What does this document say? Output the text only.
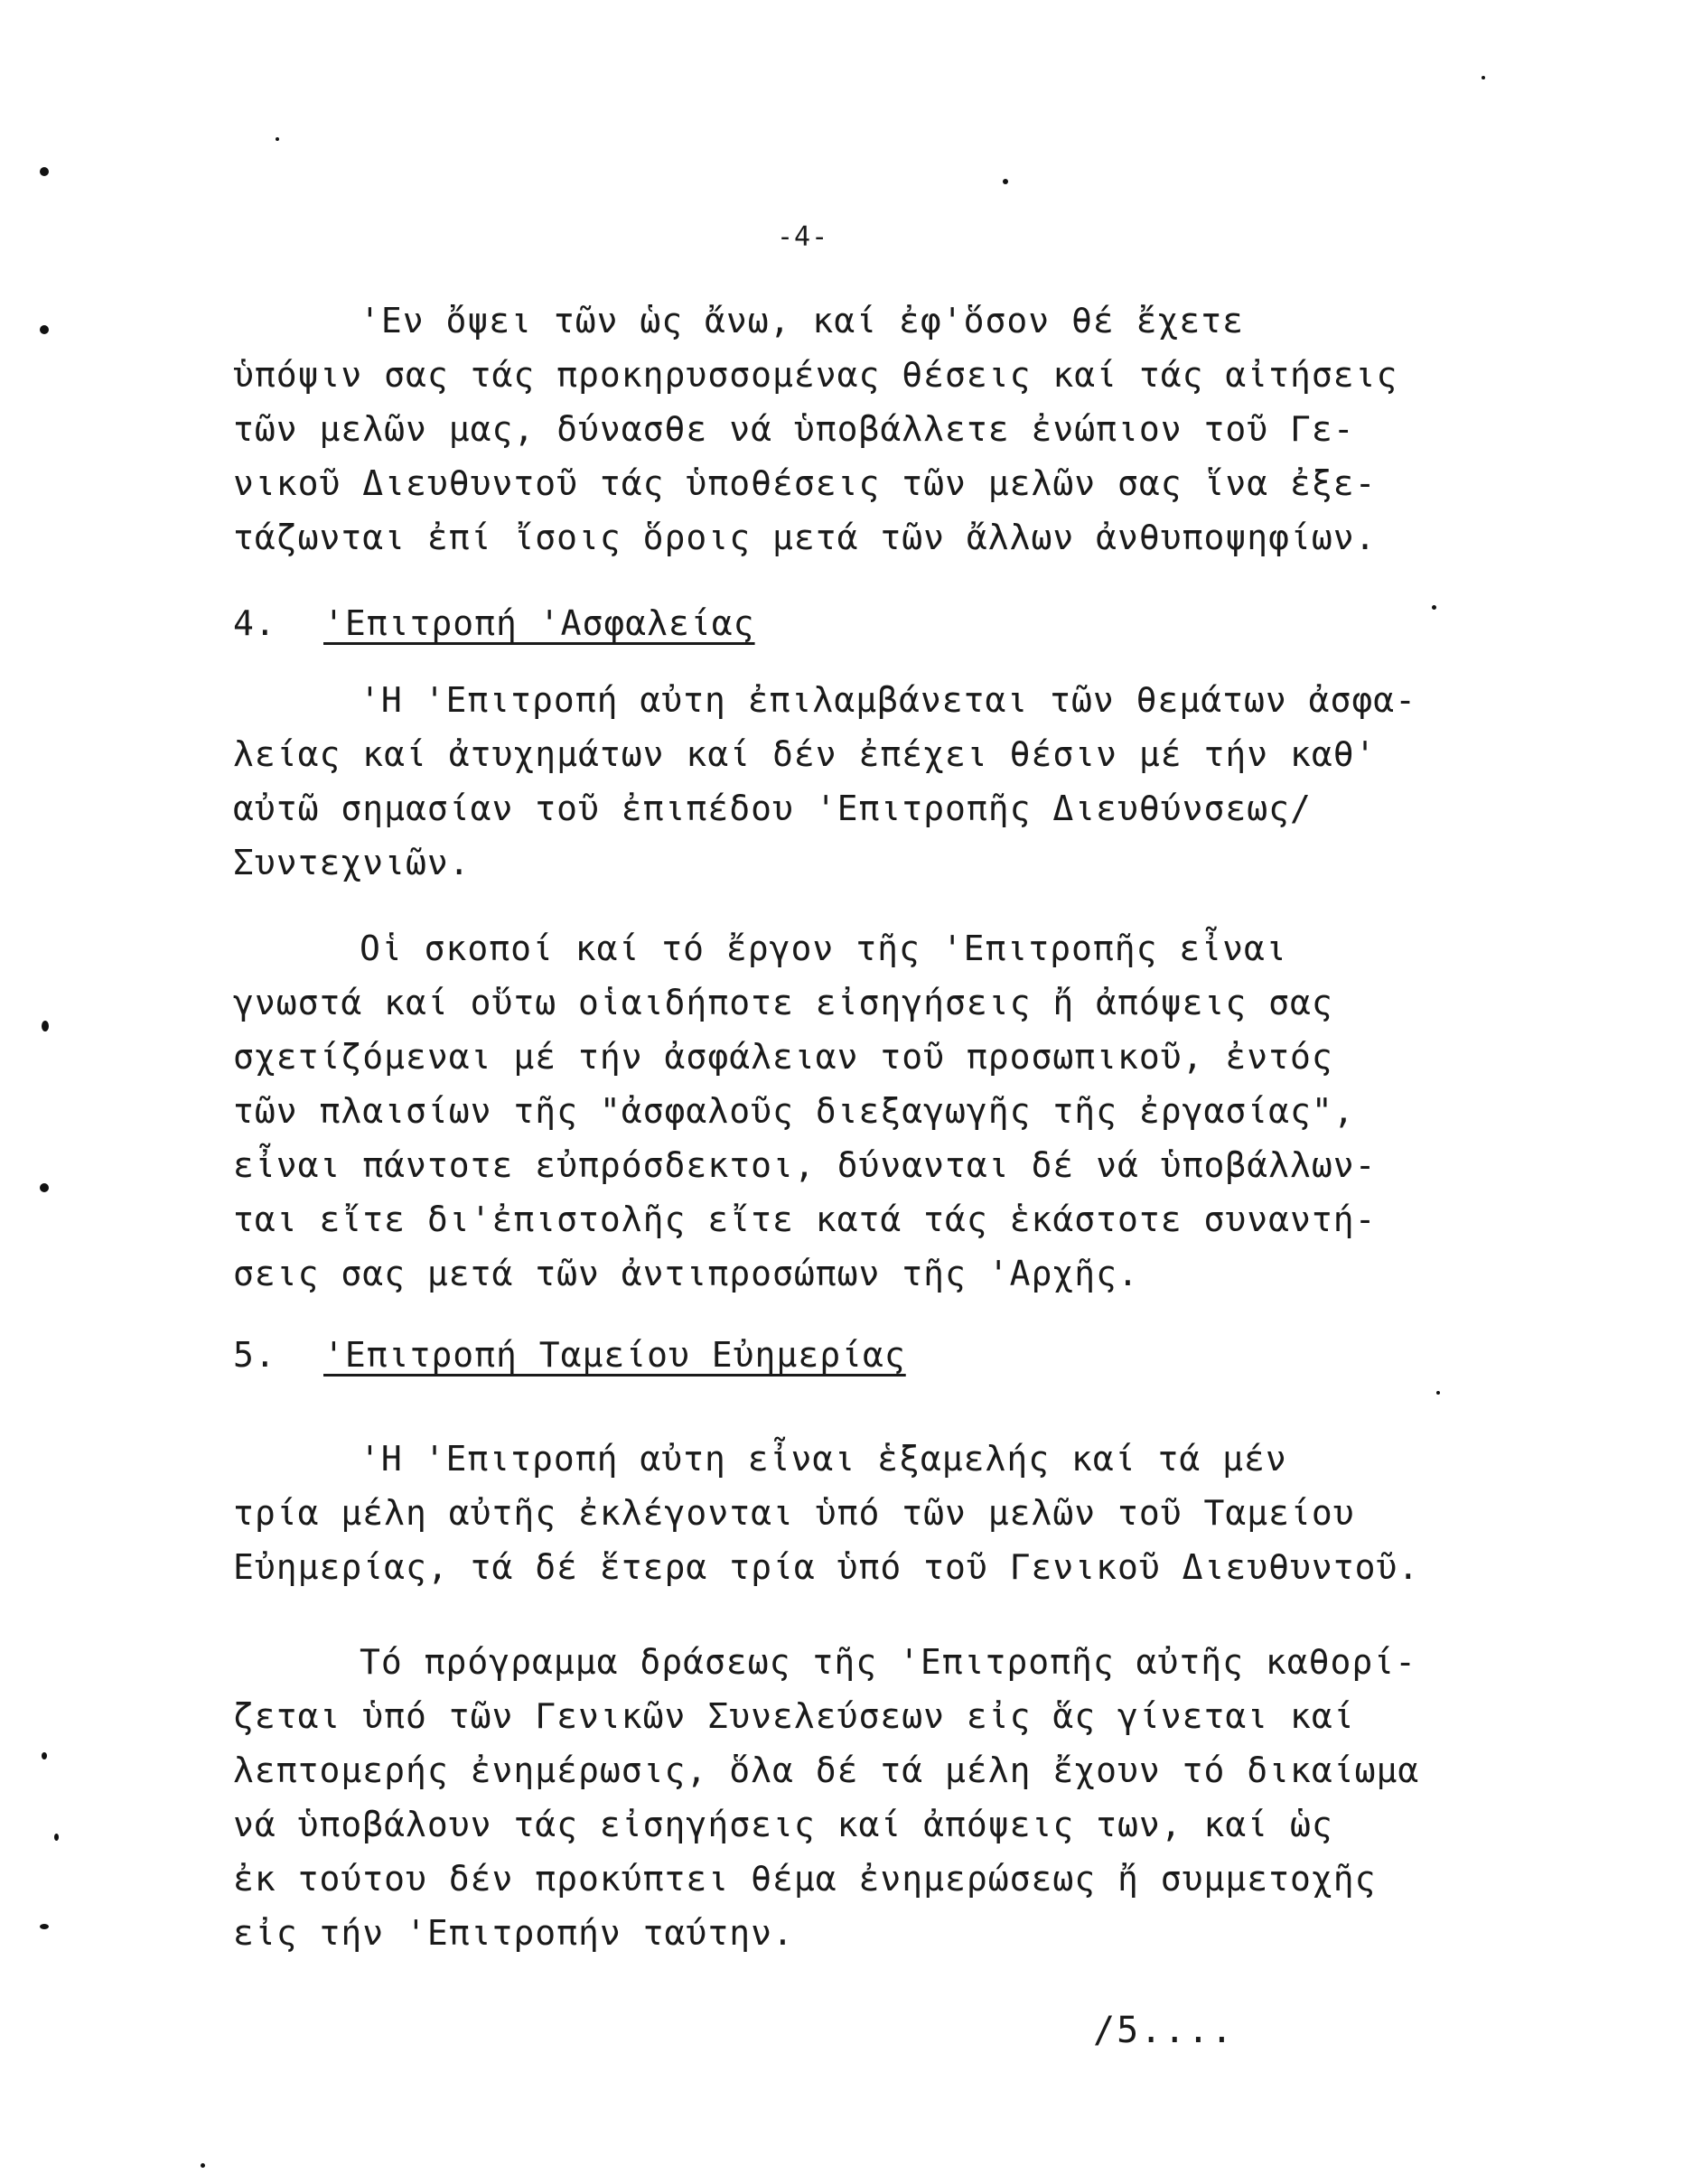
-4-
'Εν ὄψει τῶν ὡς ἄνω, καί ἐφ'ὅσον θέ ἔχετε
ὑπόψιν σας τάς προκηρυσσομένας θέσεις καί τάς αἰτήσεις
τῶν μελῶν μας, δύνασθε νά ὑποβάλλετε ἐνώπιον τοῦ Γε-
νικοῦ Διευθυντοῦ τάς ὑποθέσεις τῶν μελῶν σας ἵνα ἐξε-
τάζωνται ἐπί ἴσοις ὅροις μετά τῶν ἄλλων ἀνθυποψηφίων.
4. 'Επιτροπή 'Ασφαλείας
'Η 'Επιτροπή αὐτη ἐπιλαμβάνεται τῶν θεμάτων ἀσφα-
λείας καί ἀτυχημάτων καί δέν ἐπέχει θέσιν μέ τήν καθ'
αὐτῶ σημασίαν τοῦ ἐπιπέδου 'Επιτροπῆς Διευθύνσεως/
Συντεχνιῶν.
Οἱ σκοποί καί τό ἔργον τῆς 'Επιτροπῆς εἶναι
γνωστά καί οὕτω οἱαιδήποτε εἰσηγήσεις ἤ ἀπόψεις σας
σχετίζόμεναι μέ τήν ἀσφάλειαν τοῦ προσωπικοῦ, ἐντός
τῶν πλαισίων τῆς "ἀσφαλοῦς διεξαγωγῆς τῆς ἐργασίας",
εἶναι πάντοτε εὐπρόσδεκτοι, δύνανται δέ νά ὑποβάλλων-
ται εἴτε δι'ἐπιστολῆς εἴτε κατά τάς ἑκάστοτε συναντή-
σεις σας μετά τῶν ἀντιπροσώπων τῆς 'Αρχῆς.
5. 'Επιτροπή Ταμείου Εὐημερίας
'Η 'Επιτροπή αὐτη εἶναι ἑξαμελής καί τά μέν
τρία μέλη αὐτῆς ἐκλέγονται ὑπό τῶν μελῶν τοῦ Ταμείου
Εὐημερίας, τά δέ ἕτερα τρία ὑπό τοῦ Γενικοῦ Διευθυντοῦ.
Τό πρόγραμμα δράσεως τῆς 'Επιτροπῆς αὐτῆς καθορί-
ζεται ὑπό τῶν Γενικῶν Συνελεύσεων εἰς ἅς γίνεται καί
λεπτομερής ἐνημέρωσις, ὅλα δέ τά μέλη ἔχουν τό δικαίωμα
νά ὑποβάλουν τάς εἰσηγήσεις καί ἀπόψεις των, καί ὡς
ἐκ τούτου δέν προκύπτει θέμα ἐνημερώσεως ἤ συμμετοχῆς
εἰς τήν 'Επιτροπήν ταύτην.
/5....
